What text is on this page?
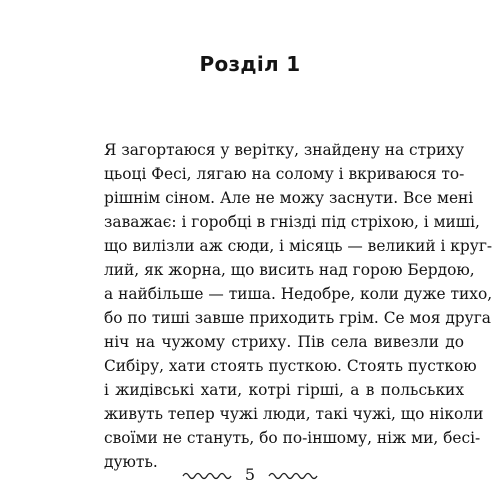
Розділ 1
Я загортаюся у верітку, знайдену на стриху
цьоці Фесі, лягаю на солому і вкриваюся то-
рішнім сіном. Але не можу заснути. Все мені
заважає: і горобці в гнізді під стріхою, і миші,
що вилізли аж сюди, і місяць — великий і круг-
лий, як жорна, що висить над горою Бердою,
а найбільше — тиша. Недобре, коли дуже тихо,
бо по тиші завше приходить грім. Се моя друга
ніч на чужому стриху. Пів села вивезли до
Сибіру, хати стоять пусткою. Стоять пусткою
і жидівські хати, котрі гірші, а в польських
живуть тепер чужі люди, такі чужі, що ніколи
своїми не стануть, бо по-іншому, ніж ми, бесі-
дують.
5
